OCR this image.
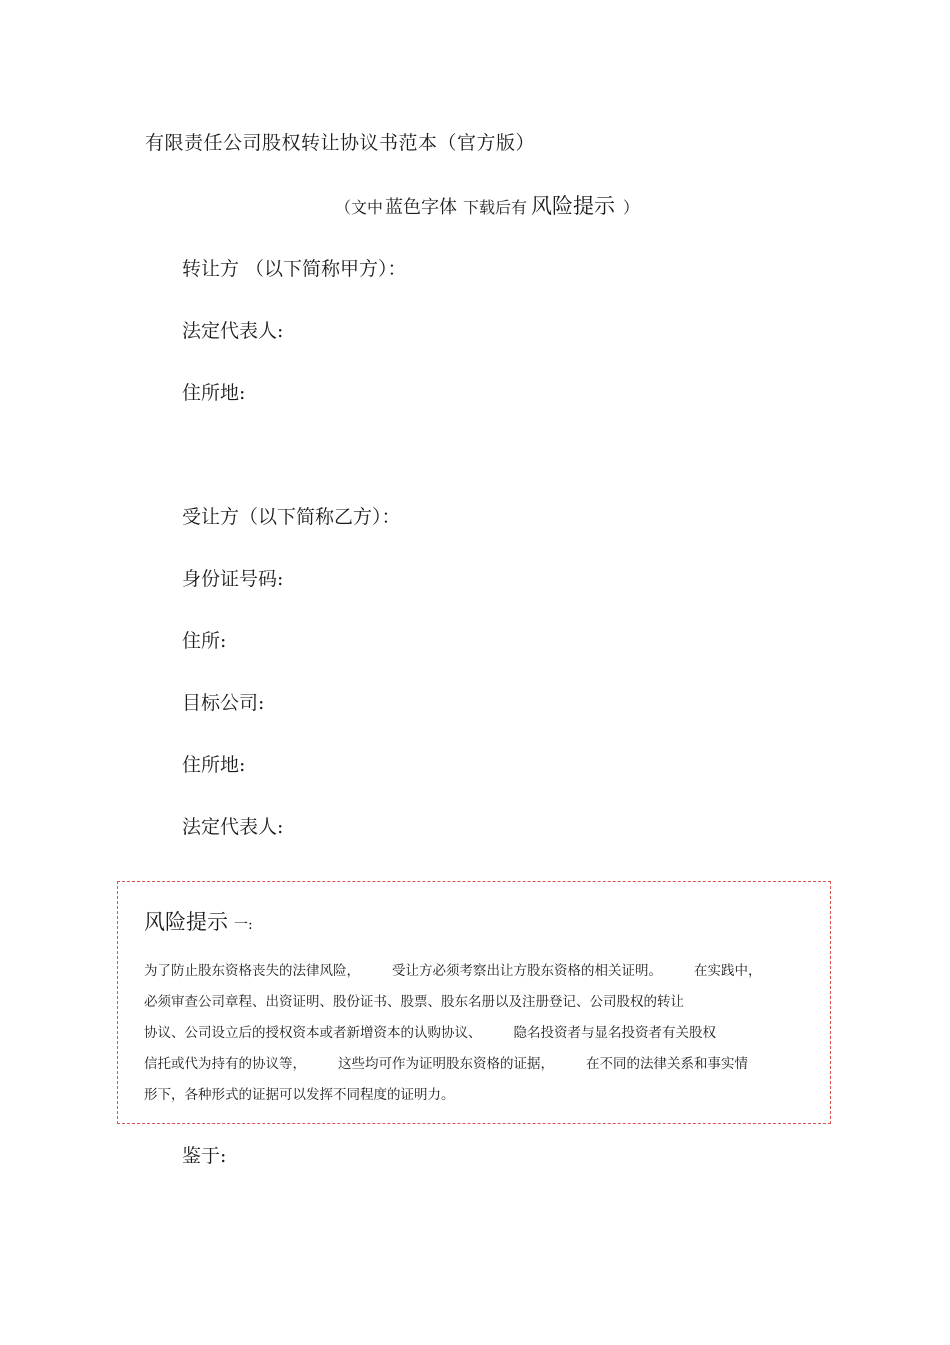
有限责任公司股权转让协议书范本（官方版）
（文中 蓝色字体 下载后有 风险提示 ）
转让方 （以下简称甲方）：
法定代表人:
住所地:
受让方（以下简称乙方）：
身份证号码:
住所:
目标公司:
住所地:
法定代表人:
风险提示 一:
为了防止股东资格丧失的法律风险， 受让方必须考察出让方股东资格的相关证明。 在实践中，
必须审查公司章程、出资证明、股份证书、股票、股东名册以及注册登记、公司股权的转让
协议、公司设立后的授权资本或者新增资本的认购协议、 隐名投资者与显名投资者有关股权
信托或代为持有的协议等， 这些均可作为证明股东资格的证据， 在不同的法律关系和事实情
形下，各种形式的证据可以发挥不同程度的证明力。
鉴于:
